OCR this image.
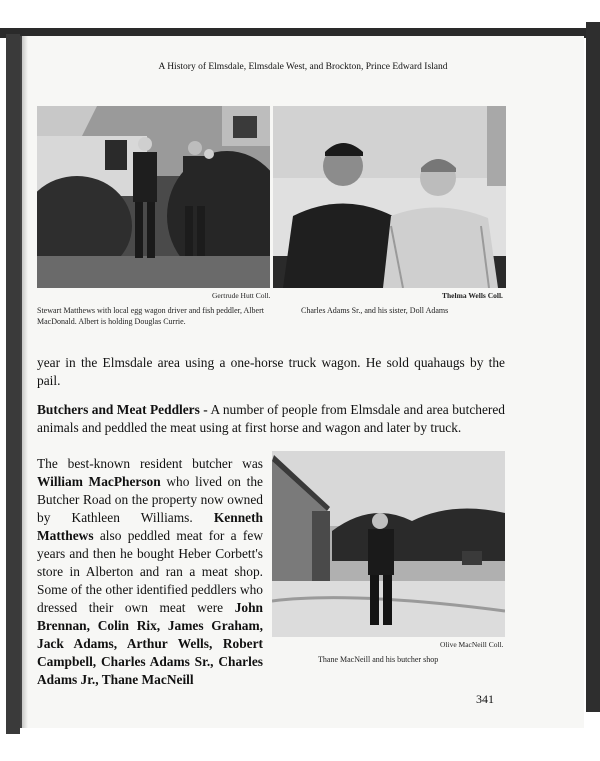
A History of Elmsdale, Elmsdale West, and Brockton, Prince Edward Island
Gertrude Hutt Coll.
Stewart Matthews with local egg wagon driver and fish peddler, Albert MacDonald. Albert is holding Douglas Currie.
Thelma Wells Coll.
Charles Adams Sr., and his sister, Doll Adams
year in the Elmsdale area using a one-horse truck wagon. He sold quahaugs by the pail.
Butchers and Meat Peddlers - A number of people from Elmsdale and area butchered animals and peddled the meat using at first horse and wagon and later by truck.
The best-known resident butcher was William MacPherson who lived on the Butcher Road on the property now owned by Kathleen Williams. Kenneth Matthews also peddled meat for a few years and then he bought Heber Corbett's store in Alberton and ran a meat shop. Some of the other identified peddlers who dressed their own meat were John Brennan, Colin Rix, James Graham, Jack Adams, Arthur Wells, Robert Campbell, Charles Adams Sr., Charles Adams Jr., Thane MacNeill
Olive MacNeill Coll.
Thane MacNeill and his butcher shop
341
